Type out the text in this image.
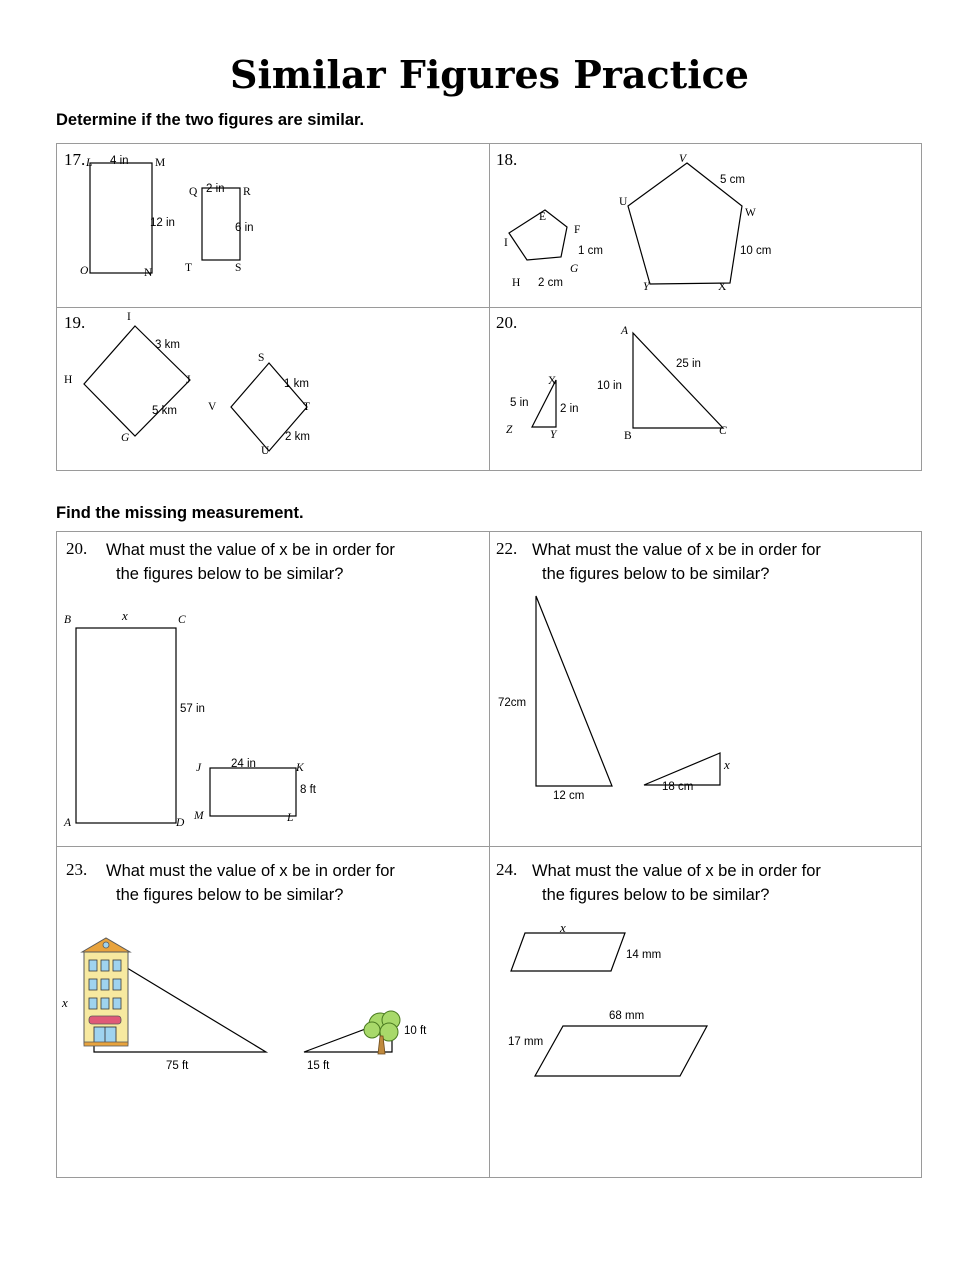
Similar Figures Practice
Determine if the two figures are similar.
Find the missing measurement.
17. L	M
N
O
4 in
12 in
Q	R
S
T
2 in
6 in
18.
E
F
G
H
I
1 cm
2 cm
V
W
X
Y
U
5 cm
10 cm
19.	I
J
G
H
3 km
5 km
S
T
U
V
1 km
2 km
20.
X
Y
Z
5 in	2 in
A
B	C
10 in
25 in
20. What must the value of x be in order for
the figures below to be similar?
B	C
D
A
x
57 in
J	K
L
M
24 in
8 ft
22. What must the value of x be in order for
the figures below to be similar?
72cm
12 cm
18 cm
x
23. What must the value of x be in order for
the figures below to be similar?
x
75 ft
10 ft
15 ft
24. What must the value of x be in order for
the figures below to be similar?
x
14 mm
68 mm
17 mm
